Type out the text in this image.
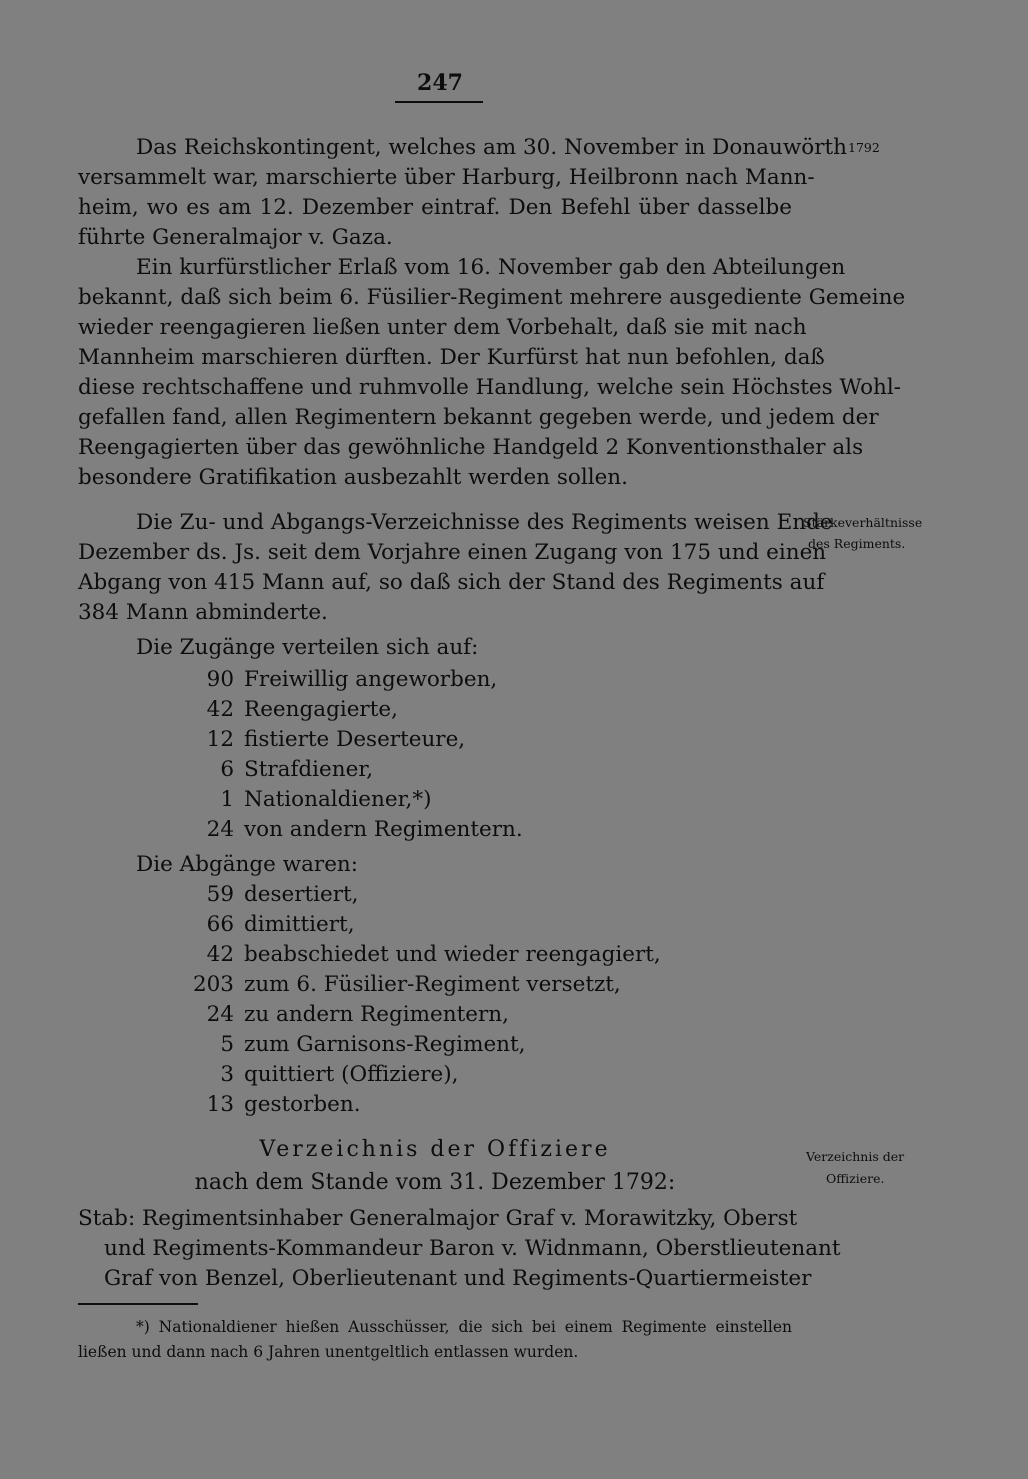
247
1792
Stärkeverhältnisse
des Regiments.
Verzeichnis der
Offiziere.
Das Reichskontingent, welches am 30. November in Donauwörth
versammelt war, marschierte über Harburg, Heilbronn nach Mann-
heim, wo es am 12. Dezember eintraf. Den Befehl über dasselbe
führte Generalmajor v. Gaza.
Ein kurfürstlicher Erlaß vom 16. November gab den Abteilungen
bekannt, daß sich beim 6. Füsilier-Regiment mehrere ausgediente Gemeine
wieder reengagieren ließen unter dem Vorbehalt, daß sie mit nach
Mannheim marschieren dürften. Der Kurfürst hat nun befohlen, daß
diese rechtschaffene und ruhmvolle Handlung, welche sein Höchstes Wohl-
gefallen fand, allen Regimentern bekannt gegeben werde, und jedem der
Reengagierten über das gewöhnliche Handgeld 2 Konventionsthaler als
besondere Gratifikation ausbezahlt werden sollen.
Die Zu- und Abgangs-Verzeichnisse des Regiments weisen Ende
Dezember ds. Js. seit dem Vorjahre einen Zugang von 175 und einen
Abgang von 415 Mann auf, so daß sich der Stand des Regiments auf
384 Mann abminderte.
Die Zugänge verteilen sich auf:
90 Freiwillig angeworben,
42 Reengagierte,
12 fistierte Deserteure,
6 Strafdiener,
1 Nationaldiener,*)
24 von andern Regimentern.
Die Abgänge waren:
59 desertiert,
66 dimittiert,
42 beabschiedet und wieder reengagiert,
203 zum 6. Füsilier-Regiment versetzt,
24 zu andern Regimentern,
5 zum Garnisons-Regiment,
3 quittiert (Offiziere),
13 gestorben.
Verzeichnis der Offiziere
nach dem Stande vom 31. Dezember 1792:
Stab: Regimentsinhaber Generalmajor Graf v. Morawitzky, Oberst
und Regiments-Kommandeur Baron v. Widnmann, Oberstlieutenant
Graf von Benzel, Oberlieutenant und Regiments-Quartiermeister
*) Nationaldiener hießen Ausschüsser, die sich bei einem Regimente einstellen
ließen und dann nach 6 Jahren unentgeltlich entlassen wurden.
